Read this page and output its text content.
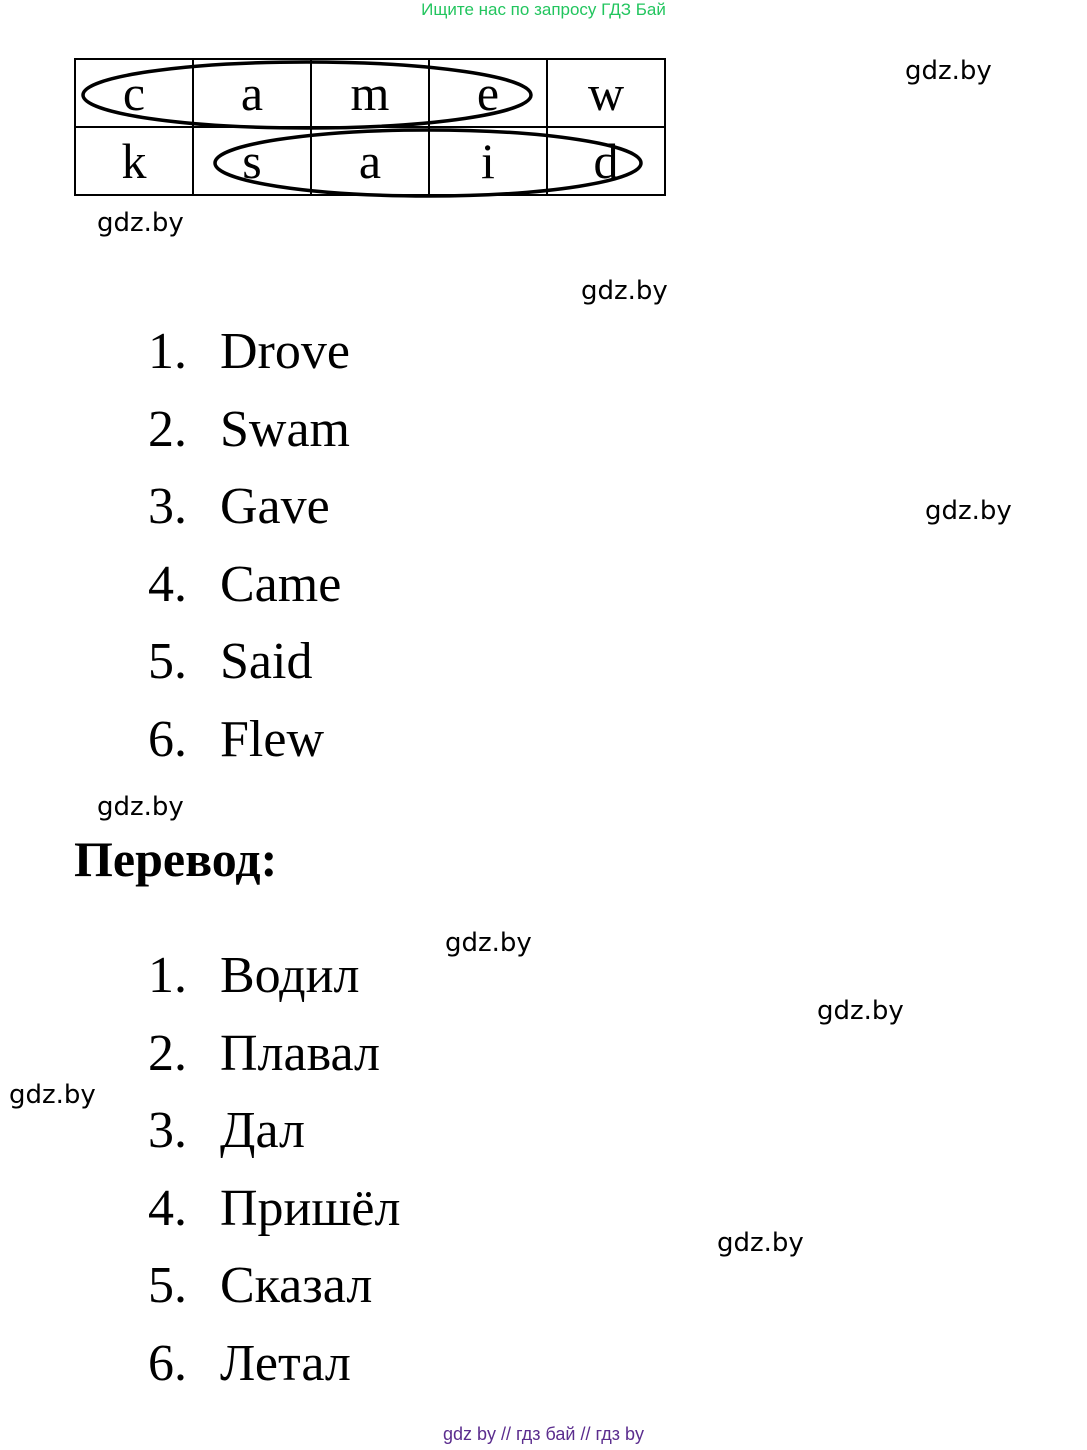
Ищите нас по запросу ГДЗ Бай
gdz.by
gdz.by
gdz.by
gdz.by
gdz.by
gdz.by
gdz.by
gdz.by
gdz.by
c	a	m	e	w
k	s	a	i	d
1. Drove
2. Swam
3. Gave
4. Came
5. Said
6. Flew
Перевод:
1. Водил
2. Плавал
3. Дал
4. Пришёл
5. Сказал
6. Летал
gdz by // гдз бай // гдз by
